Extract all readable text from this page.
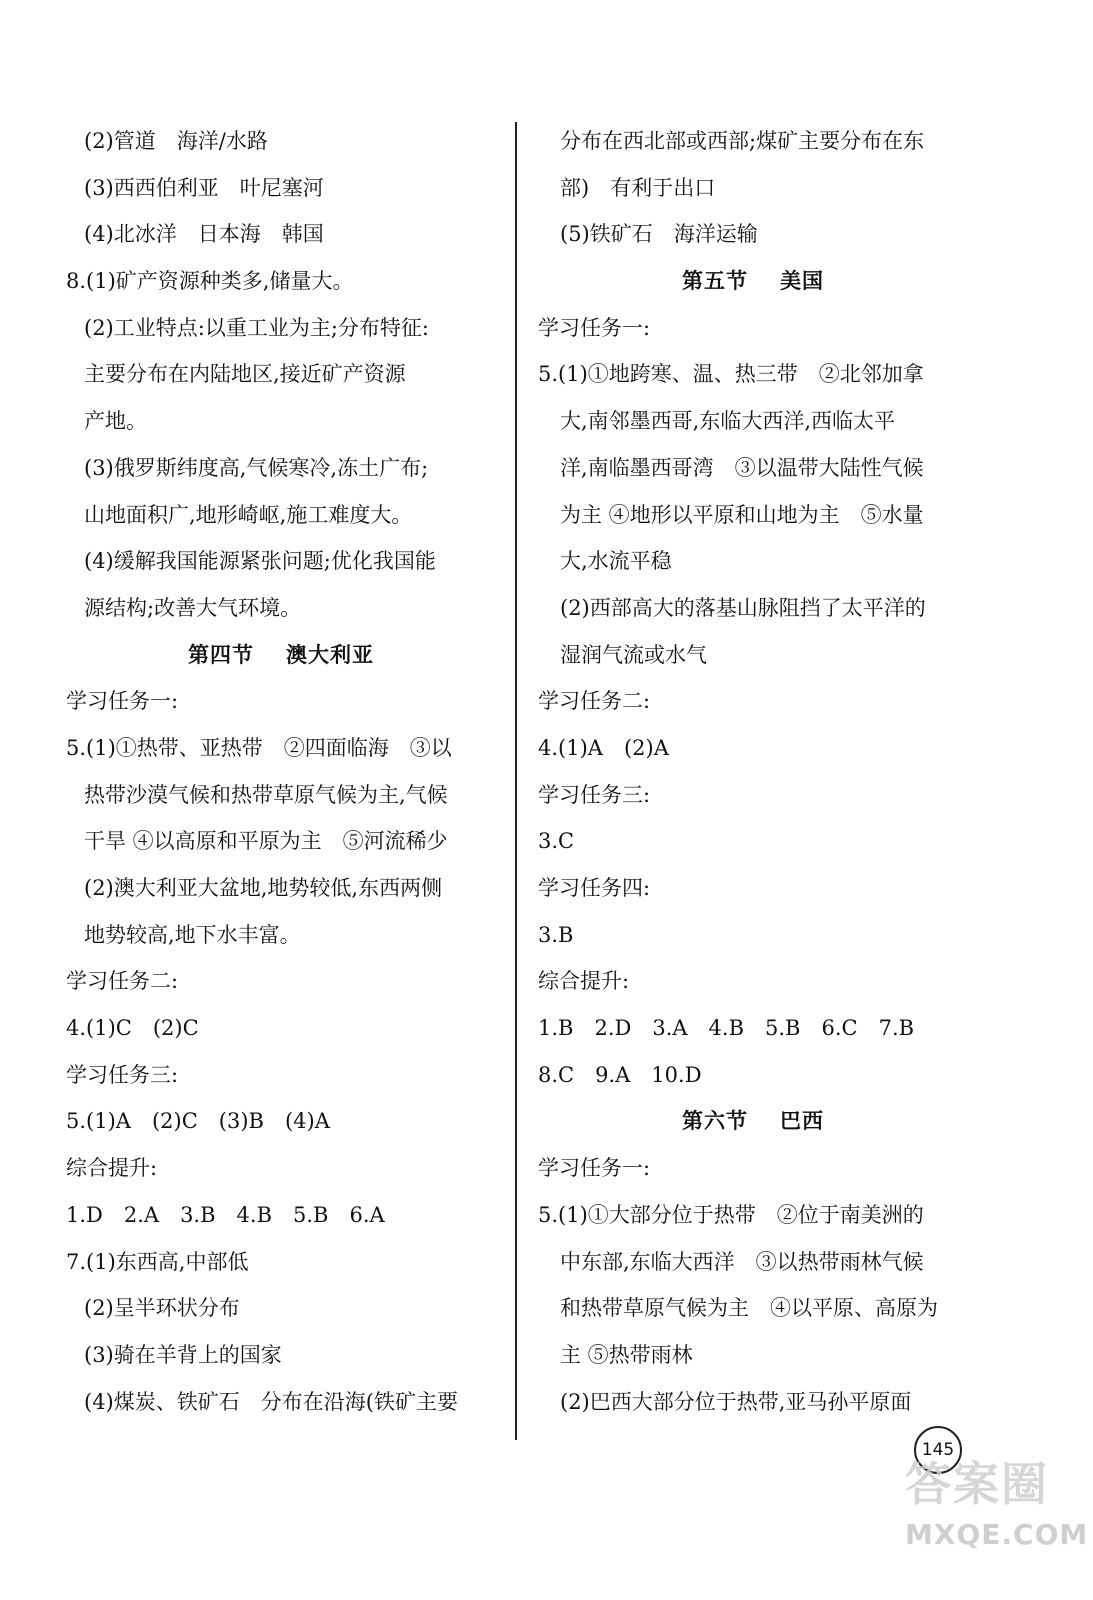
(2)管道　海洋/水路
(3)西西伯利亚　叶尼塞河
(4)北冰洋　日本海　韩国
8.(1)矿产资源种类多,储量大。
(2)工业特点:以重工业为主;分布特征:
主要分布在内陆地区,接近矿产资源
产地。
(3)俄罗斯纬度高,气候寒冷,冻土广布;
山地面积广,地形崎岖,施工难度大。
(4)缓解我国能源紧张问题;优化我国能
源结构;改善大气环境。
第四节 澳大利亚
学习任务一:
5.(1)①热带、亚热带　②四面临海　③以
热带沙漠气候和热带草原气候为主,气候
干旱 ④以高原和平原为主　⑤河流稀少
(2)澳大利亚大盆地,地势较低,东西两侧
地势较高,地下水丰富。
学习任务二:
4.(1)C　(2)C
学习任务三:
5.(1)A　(2)C　(3)B　(4)A
综合提升:
1.D　2.A　3.B　4.B　5.B　6.A
7.(1)东西高,中部低
(2)呈半环状分布
(3)骑在羊背上的国家
(4)煤炭、铁矿石　分布在沿海(铁矿主要
分布在西北部或西部;煤矿主要分布在东
部)　有利于出口
(5)铁矿石　海洋运输
第五节 美国
学习任务一:
5.(1)①地跨寒、温、热三带　②北邻加拿
大,南邻墨西哥,东临大西洋,西临太平
洋,南临墨西哥湾　③以温带大陆性气候
为主 ④地形以平原和山地为主　⑤水量
大,水流平稳
(2)西部高大的落基山脉阻挡了太平洋的
湿润气流或水气
学习任务二:
4.(1)A　(2)A
学习任务三:
3.C
学习任务四:
3.B
综合提升:
1.B　2.D　3.A　4.B　5.B　6.C　7.B
8.C　9.A　10.D
第六节 巴西
学习任务一:
5.(1)①大部分位于热带　②位于南美洲的
中东部,东临大西洋　③以热带雨林气候
和热带草原气候为主　④以平原、高原为
主 ⑤热带雨林
(2)巴西大部分位于热带,亚马孙平原面
145
答案圈
MXQE.COM
